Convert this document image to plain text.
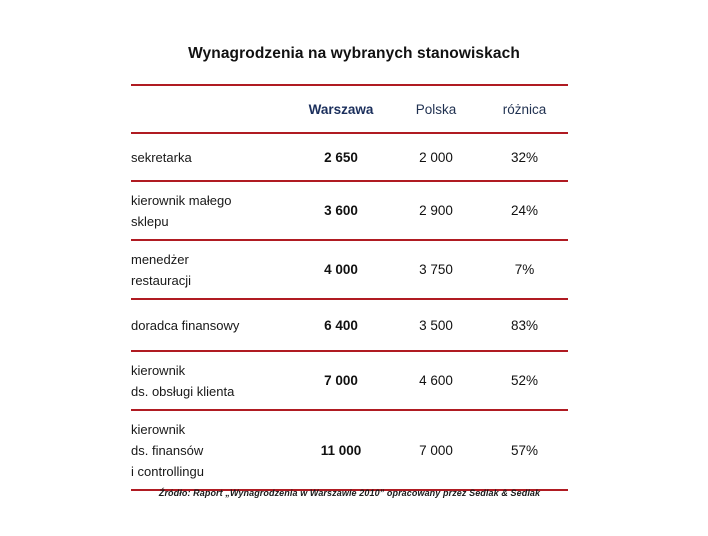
Wynagrodzenia na wybranych stanowiskach
	Warszawa	Polska	różnica

sekretarka	2 650	2 000	32%

kierownik małego
sklepu	3 600	2 900	24%

menedżer
restauracji	4 000	3 750	7%

doradca finansowy	6 400	3 500	83%

kierownik
ds. obsługi klienta	7 000	4 600	52%

kierownik
ds. finansów
i controllingu	11 000	7 000	57%
Źródło: Raport „Wynagrodzenia w Warszawie 2010” opracowany przez Sedlak & Sedlak
